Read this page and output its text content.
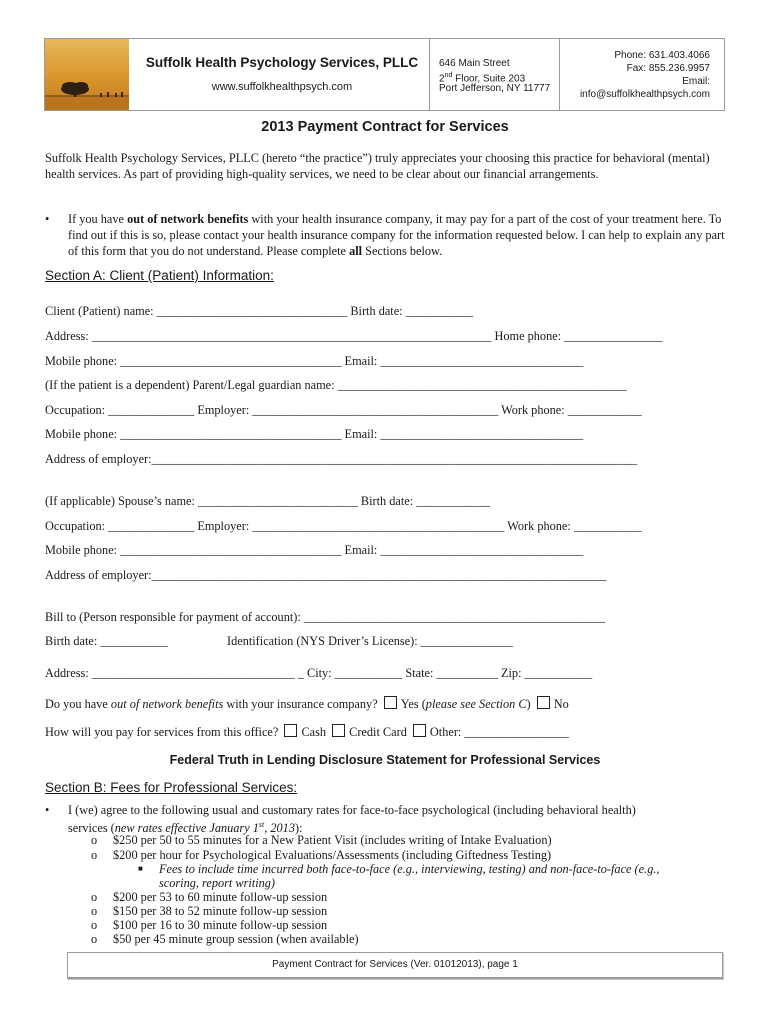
Suffolk Health Psychology Services, PLLC
www.suffolkhealthpsych.com
646 Main Street
2nd Floor, Suite 203
Port Jefferson, NY 11777
Phone: 631.403.4066
Fax: 855.236.9957
Email:
info@suffolkhealthpsych.com
2013 Payment Contract for Services
Suffolk Health Psychology Services, PLLC (hereto “the practice”) truly appreciates your choosing this practice for behavioral (mental) health services. As part of providing high-quality services, we need to be clear about our financial arrangements.
•	If you have out of network benefits with your health insurance company, it may pay for a part of the cost of your treatment here. To find out if this is so, please contact your health insurance company for the information requested below. I can help to explain any part of this form that you do not understand. Please complete all Sections below.
Section A: Client (Patient) Information:
Client (Patient) name: _______________________________ Birth date: ___________
Address: _________________________________________________________________ Home phone: ________________
Mobile phone: ____________________________________ Email: _________________________________
(If the patient is a dependent) Parent/Legal guardian name: _______________________________________________
Occupation: ______________ Employer: ________________________________________ Work phone: ____________
Mobile phone: ____________________________________ Email: _________________________________
Address of employer:_______________________________________________________________________________
(If applicable) Spouse’s name: __________________________ Birth date: ____________
Occupation: ______________ Employer: _________________________________________ Work phone: ___________
Mobile phone: ____________________________________ Email: _________________________________
Address of employer:__________________________________________________________________________
Bill to (Person responsible for payment of account): _________________________________________________
Birth date: ___________	Identification (NYS Driver’s License): _______________
Address: _________________________________ _ City: ___________ State: __________ Zip: ___________
Do you have out of network benefits with your insurance company? Yes (please see Section C) No
How will you pay for services from this office? Cash Credit Card Other: _________________
Federal Truth in Lending Disclosure Statement for Professional Services
Section B: Fees for Professional Services:
• I (we) agree to the following usual and customary rates for face-to-face psychological (including behavioral health)
services (new rates effective January 1st, 2013):
o $250 per 50 to 55 minutes for a New Patient Visit (includes writing of Intake Evaluation)
o $200 per hour for Psychological Evaluations/Assessments (including Giftedness Testing)
■ Fees to include time incurred both face-to-face (e.g., interviewing, testing) and non-face-to-face (e.g.,
scoring, report writing)
o $200 per 53 to 60 minute follow-up session
o $150 per 38 to 52 minute follow-up session
o $100 per 16 to 30 minute follow-up session
o $50 per 45 minute group session (when available)
Payment Contract for Services (Ver. 01012013), page 1
